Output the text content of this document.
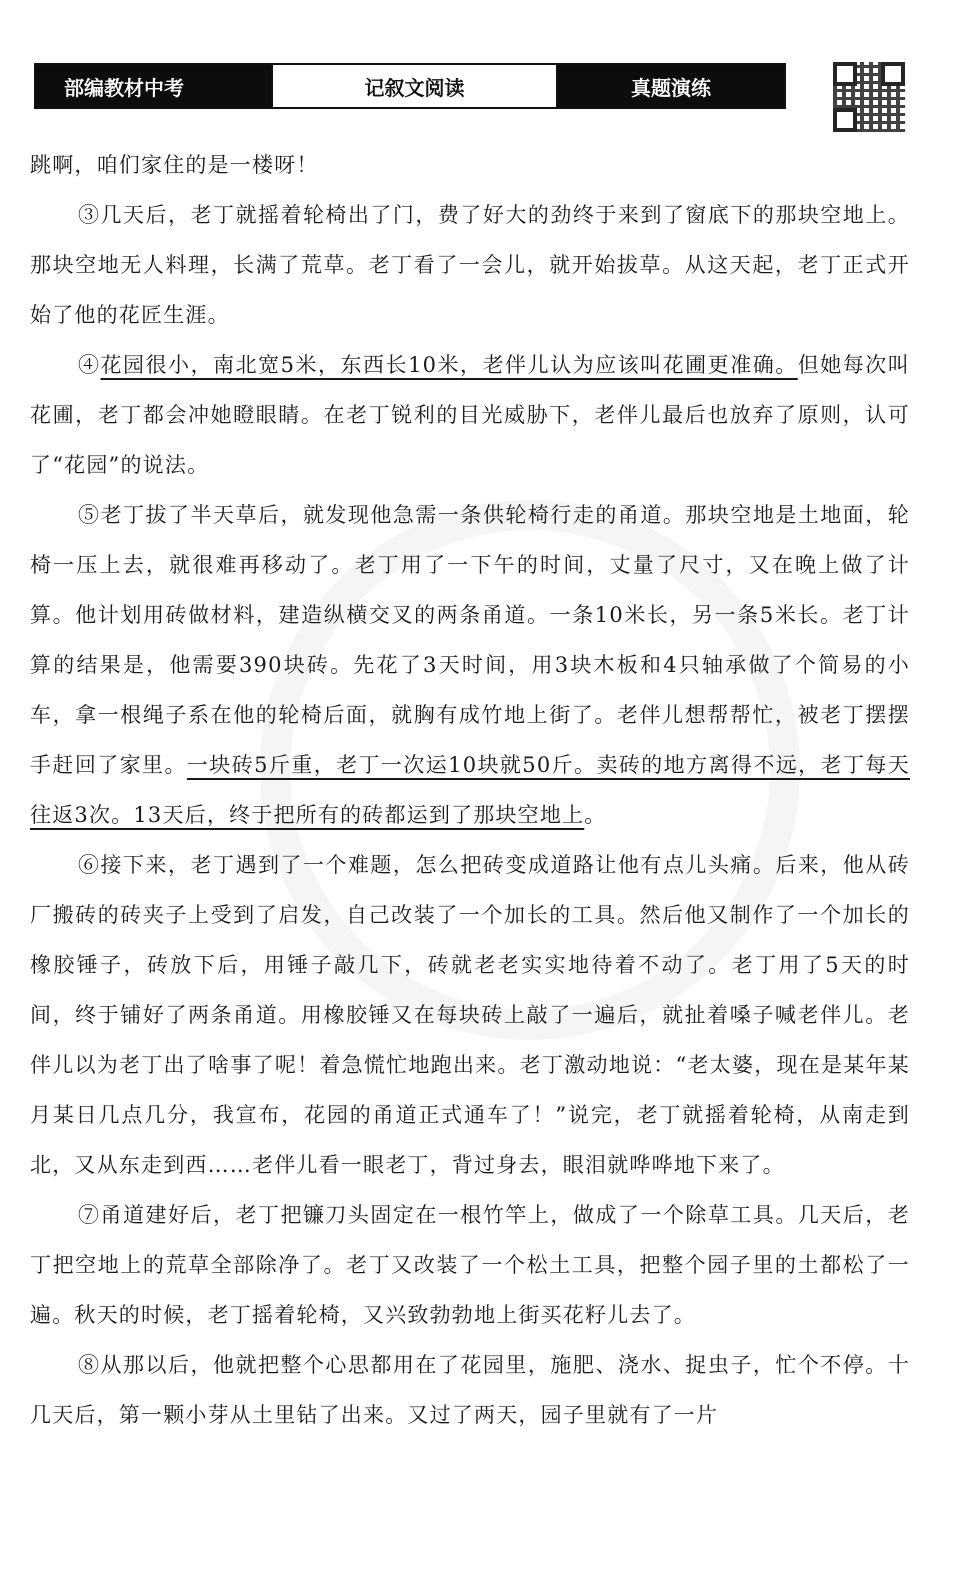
部编教材中考	记叙文阅读	真题演练

跳啊，咱们家住的是一楼呀！

③几天后，老丁就摇着轮椅出了门，费了好大的劲终于来到了窗底下的那块空地上。那块空地无人料理，长满了荒草。老丁看了一会儿，就开始拔草。从这天起，老丁正式开始了他的花匠生涯。

④花园很小，南北宽5米，东西长10米，老伴儿认为应该叫花圃更准确。但她每次叫花圃，老丁都会冲她瞪眼睛。在老丁锐利的目光威胁下，老伴儿最后也放弃了原则，认可了“花园”的说法。

⑤老丁拔了半天草后，就发现他急需一条供轮椅行走的甬道。那块空地是土地面，轮椅一压上去，就很难再移动了。老丁用了一下午的时间，丈量了尺寸，又在晚上做了计算。他计划用砖做材料，建造纵横交叉的两条甬道。一条10米长，另一条5米长。老丁计算的结果是，他需要390块砖。先花了3天时间，用3块木板和4只轴承做了个简易的小车，拿一根绳子系在他的轮椅后面，就胸有成竹地上街了。老伴儿想帮帮忙，被老丁摆摆手赶回了家里。一块砖5斤重，老丁一次运10块就50斤。卖砖的地方离得不远，老丁每天往返3次。13天后，终于把所有的砖都运到了那块空地上。

⑥接下来，老丁遇到了一个难题，怎么把砖变成道路让他有点儿头痛。后来，他从砖厂搬砖的砖夹子上受到了启发，自己改装了一个加长的工具。然后他又制作了一个加长的橡胶锤子，砖放下后，用锤子敲几下，砖就老老实实地待着不动了。老丁用了5天的时间，终于铺好了两条甬道。用橡胶锤又在每块砖上敲了一遍后，就扯着嗓子喊老伴儿。老伴儿以为老丁出了啥事了呢！着急慌忙地跑出来。老丁激动地说：“老太婆，现在是某年某月某日几点几分，我宣布，花园的甬道正式通车了！”说完，老丁就摇着轮椅，从南走到北，又从东走到西……老伴儿看一眼老丁，背过身去，眼泪就哗哗地下来了。

⑦甬道建好后，老丁把镰刀头固定在一根竹竿上，做成了一个除草工具。几天后，老丁把空地上的荒草全部除净了。老丁又改装了一个松土工具，把整个园子里的土都松了一遍。秋天的时候，老丁摇着轮椅，又兴致勃勃地上街买花籽儿去了。

⑧从那以后，他就把整个心思都用在了花园里，施肥、浇水、捉虫子，忙个不停。十几天后，第一颗小芽从土里钻了出来。又过了两天，园子里就有了一片
